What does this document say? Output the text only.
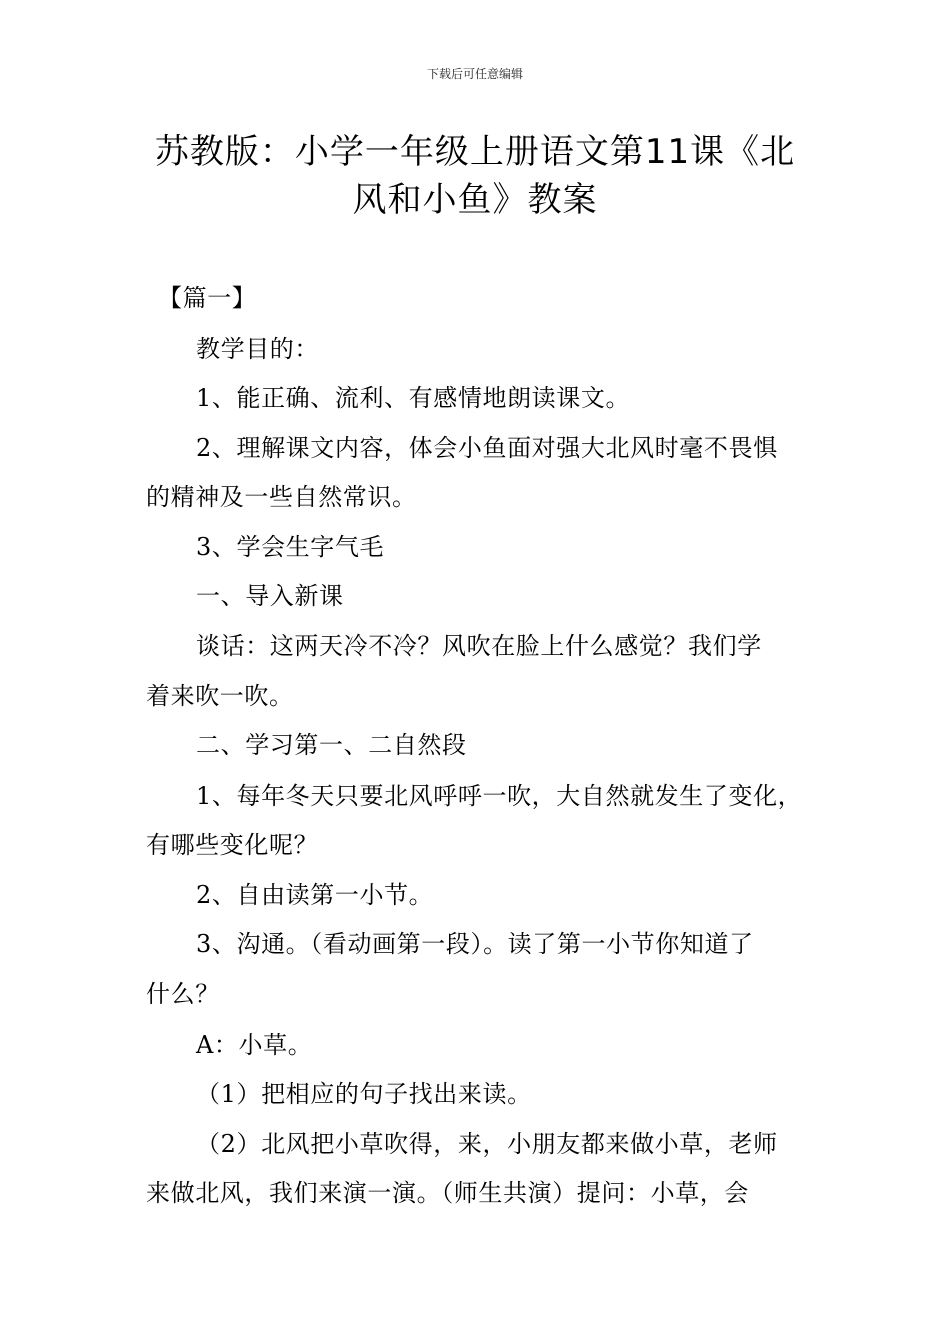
下载后可任意编辑
苏教版：小学一年级上册语文第11课《北
风和小鱼》教案
【篇一】
教学目的：
1、能正确、流利、有感情地朗读课文。
2、理解课文内容，体会小鱼面对强大北风时毫不畏惧
的精神及一些自然常识。
3、学会生字气毛
一、导入新课
谈话：这两天冷不冷？风吹在脸上什么感觉？我们学
着来吹一吹。
二、学习第一、二自然段
1、每年冬天只要北风呼呼一吹，大自然就发生了变化，
有哪些变化呢？
2、自由读第一小节。
3、沟通。（看动画第一段）。读了第一小节你知道了
什么？
A：小草。
（1）把相应的句子找出来读。
（2）北风把小草吹得，来，小朋友都来做小草，老师
来做北风，我们来演一演。（师生共演）提问：小草，会
